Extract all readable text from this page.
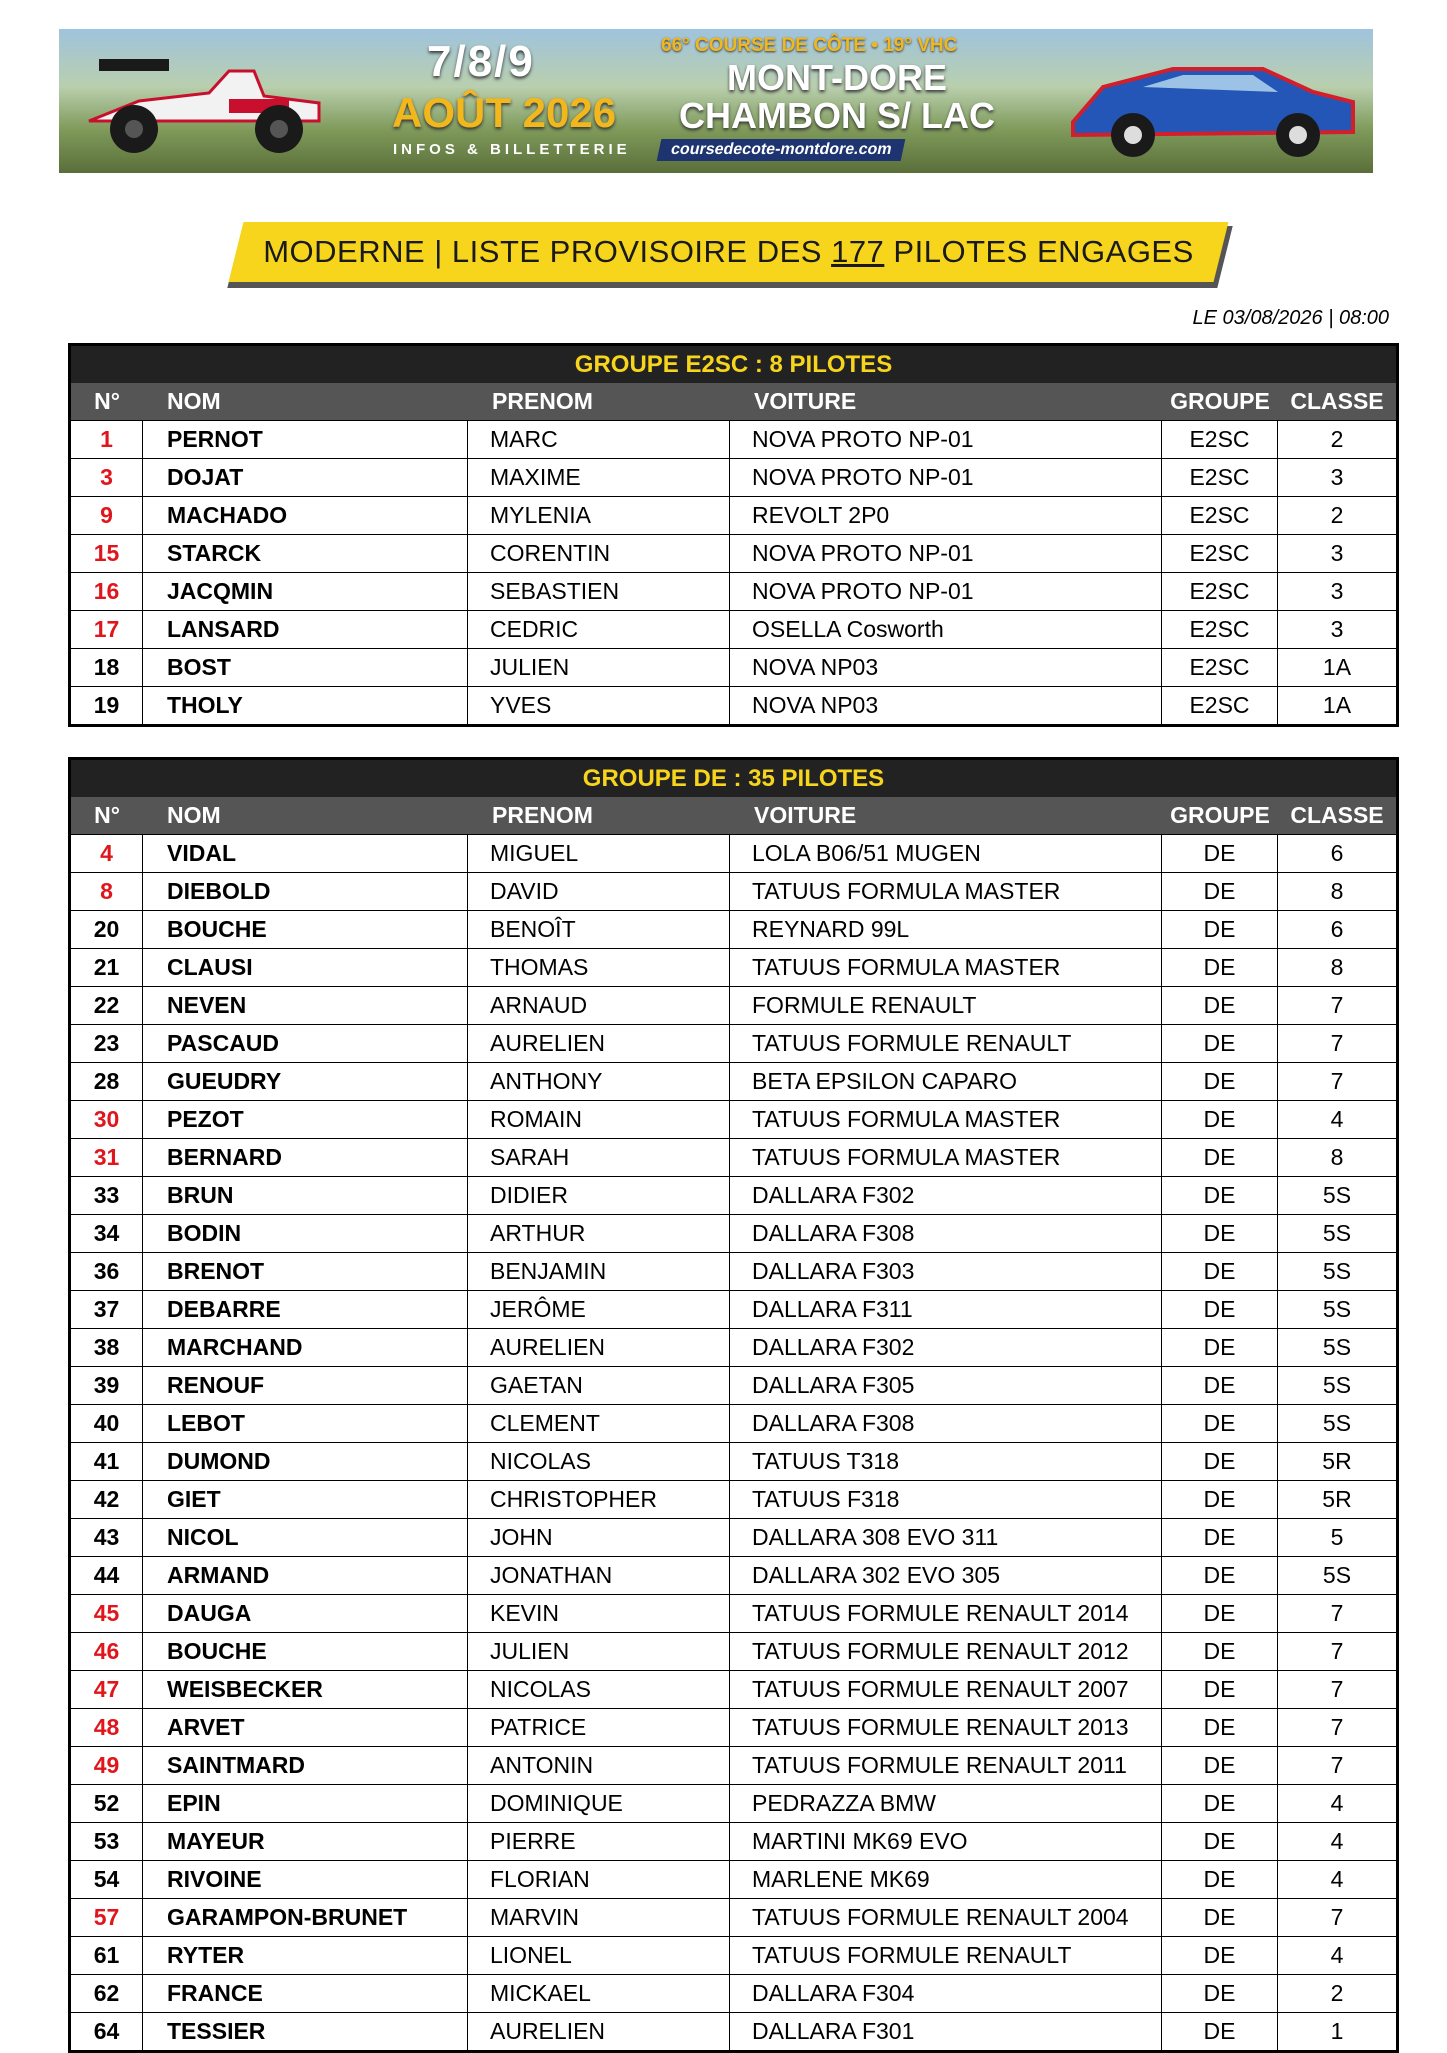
7/8/9
AOÛT 2026
INFOS & BILLETTERIE
66° COURSE DE CÔTE • 19° VHC
MONT-DORE
CHAMBON S/ LAC
coursedecote-montdore.com
MODERNE | LISTE PROVISOIRE DES 177 PILOTES ENGAGES
LE 03/08/2026 | 08:00
GROUPE E2SC : 8 PILOTES
N°	NOM	PRENOM	VOITURE	GROUPE CLASSE
1	PERNOT	MARC	NOVA PROTO NP-01	E2SC	2
3	DOJAT	MAXIME	NOVA PROTO NP-01	E2SC	3
9	MACHADO	MYLENIA	REVOLT 2P0	E2SC	2
15	STARCK	CORENTIN	NOVA PROTO NP-01	E2SC	3
16	JACQMIN	SEBASTIEN	NOVA PROTO NP-01	E2SC	3
17	LANSARD	CEDRIC	OSELLA Cosworth	E2SC	3
18	BOST	JULIEN	NOVA NP03	E2SC	1A
19	THOLY	YVES	NOVA NP03	E2SC	1A
GROUPE DE : 35 PILOTES
N°	NOM	PRENOM	VOITURE	GROUPE CLASSE
4	VIDAL	MIGUEL	LOLA B06/51 MUGEN	DE	6
8	DIEBOLD	DAVID	TATUUS FORMULA MASTER	DE	8
20	BOUCHE	BENOÎT	REYNARD 99L	DE	6
21	CLAUSI	THOMAS	TATUUS FORMULA MASTER	DE	8
22	NEVEN	ARNAUD	FORMULE RENAULT	DE	7
23	PASCAUD	AURELIEN	TATUUS FORMULE RENAULT	DE	7
28	GUEUDRY	ANTHONY	BETA EPSILON CAPARO	DE	7
30	PEZOT	ROMAIN	TATUUS FORMULA MASTER	DE	4
31	BERNARD	SARAH	TATUUS FORMULA MASTER	DE	8
33	BRUN	DIDIER	DALLARA F302	DE	5S
34	BODIN	ARTHUR	DALLARA F308	DE	5S
36	BRENOT	BENJAMIN	DALLARA F303	DE	5S
37	DEBARRE	JERÔME	DALLARA F311	DE	5S
38	MARCHAND	AURELIEN	DALLARA F302	DE	5S
39	RENOUF	GAETAN	DALLARA F305	DE	5S
40	LEBOT	CLEMENT	DALLARA F308	DE	5S
41	DUMOND	NICOLAS	TATUUS T318	DE	5R
42	GIET	CHRISTOPHER	TATUUS F318	DE	5R
43	NICOL	JOHN	DALLARA 308 EVO 311	DE	5
44	ARMAND	JONATHAN	DALLARA 302 EVO 305	DE	5S
45	DAUGA	KEVIN	TATUUS FORMULE RENAULT 2014	DE	7
46	BOUCHE	JULIEN	TATUUS FORMULE RENAULT 2012	DE	7
47	WEISBECKER	NICOLAS	TATUUS FORMULE RENAULT 2007	DE	7
48	ARVET	PATRICE	TATUUS FORMULE RENAULT 2013	DE	7
49	SAINTMARD	ANTONIN	TATUUS FORMULE RENAULT 2011	DE	7
52	EPIN	DOMINIQUE	PEDRAZZA BMW	DE	4
53	MAYEUR	PIERRE	MARTINI MK69 EVO	DE	4
54	RIVOINE	FLORIAN	MARLENE MK69	DE	4
57	GARAMPON-BRUNET	MARVIN	TATUUS FORMULE RENAULT 2004	DE	7
61	RYTER	LIONEL	TATUUS FORMULE RENAULT	DE	4
62	FRANCE	MICKAEL	DALLARA F304	DE	2
64	TESSIER	AURELIEN	DALLARA F301	DE	1
